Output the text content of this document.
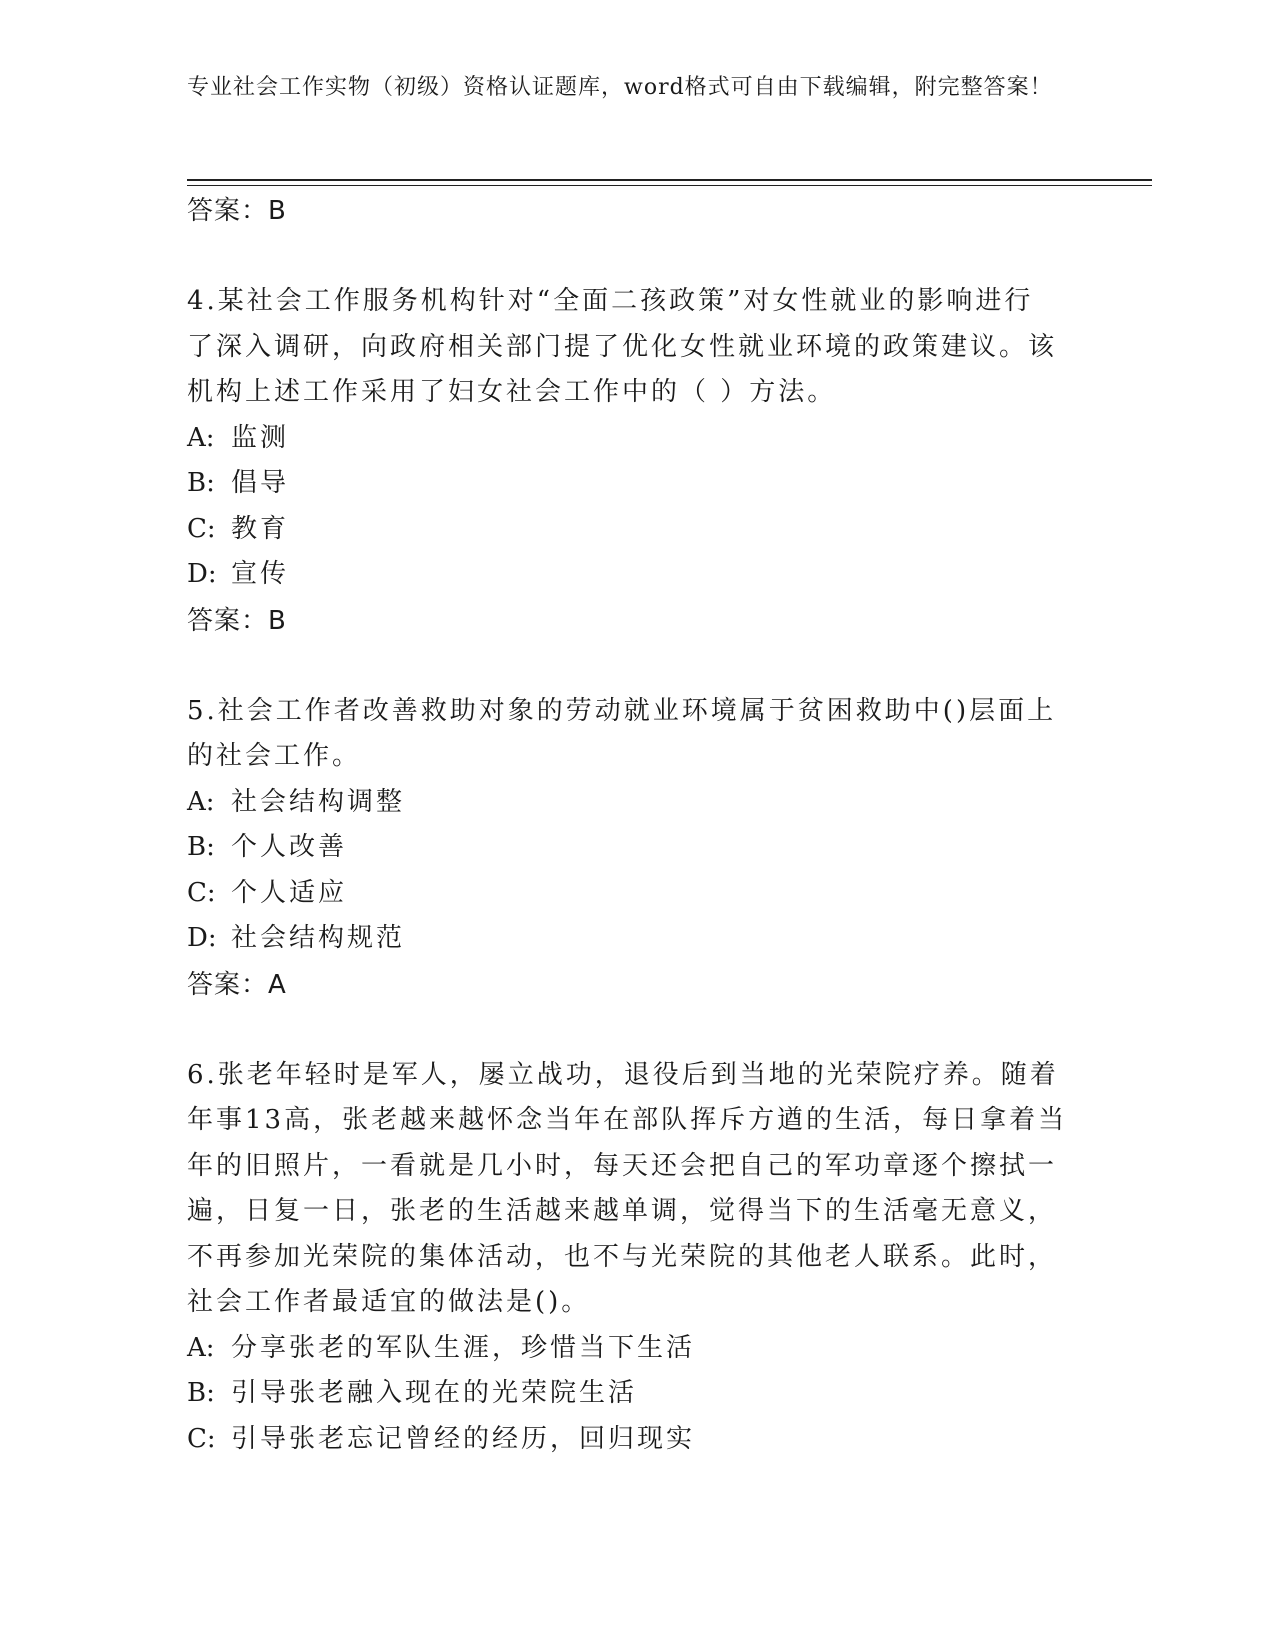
专业社会工作实物（初级）资格认证题库，word格式可自由下载编辑，附完整答案！
答案：B
4.某社会工作服务机构针对“全面二孩政策”对女性就业的影响进行
了深入调研，向政府相关部门提了优化女性就业环境的政策建议。该
机构上述工作采用了妇女社会工作中的（ ）方法。
A: 监测
B: 倡导
C: 教育
D: 宣传
答案：B
5.社会工作者改善救助对象的劳动就业环境属于贫困救助中()层面上
的社会工作。
A: 社会结构调整
B: 个人改善
C: 个人适应
D: 社会结构规范
答案：A
6.张老年轻时是军人，屡立战功，退役后到当地的光荣院疗养。随着
年事13高，张老越来越怀念当年在部队挥斥方遒的生活，每日拿着当
年的旧照片，一看就是几小时，每天还会把自己的军功章逐个擦拭一
遍，日复一日，张老的生活越来越单调，觉得当下的生活毫无意义，
不再参加光荣院的集体活动，也不与光荣院的其他老人联系。此时，
社会工作者最适宜的做法是()。
A: 分享张老的军队生涯，珍惜当下生活
B: 引导张老融入现在的光荣院生活
C: 引导张老忘记曾经的经历，回归现实
